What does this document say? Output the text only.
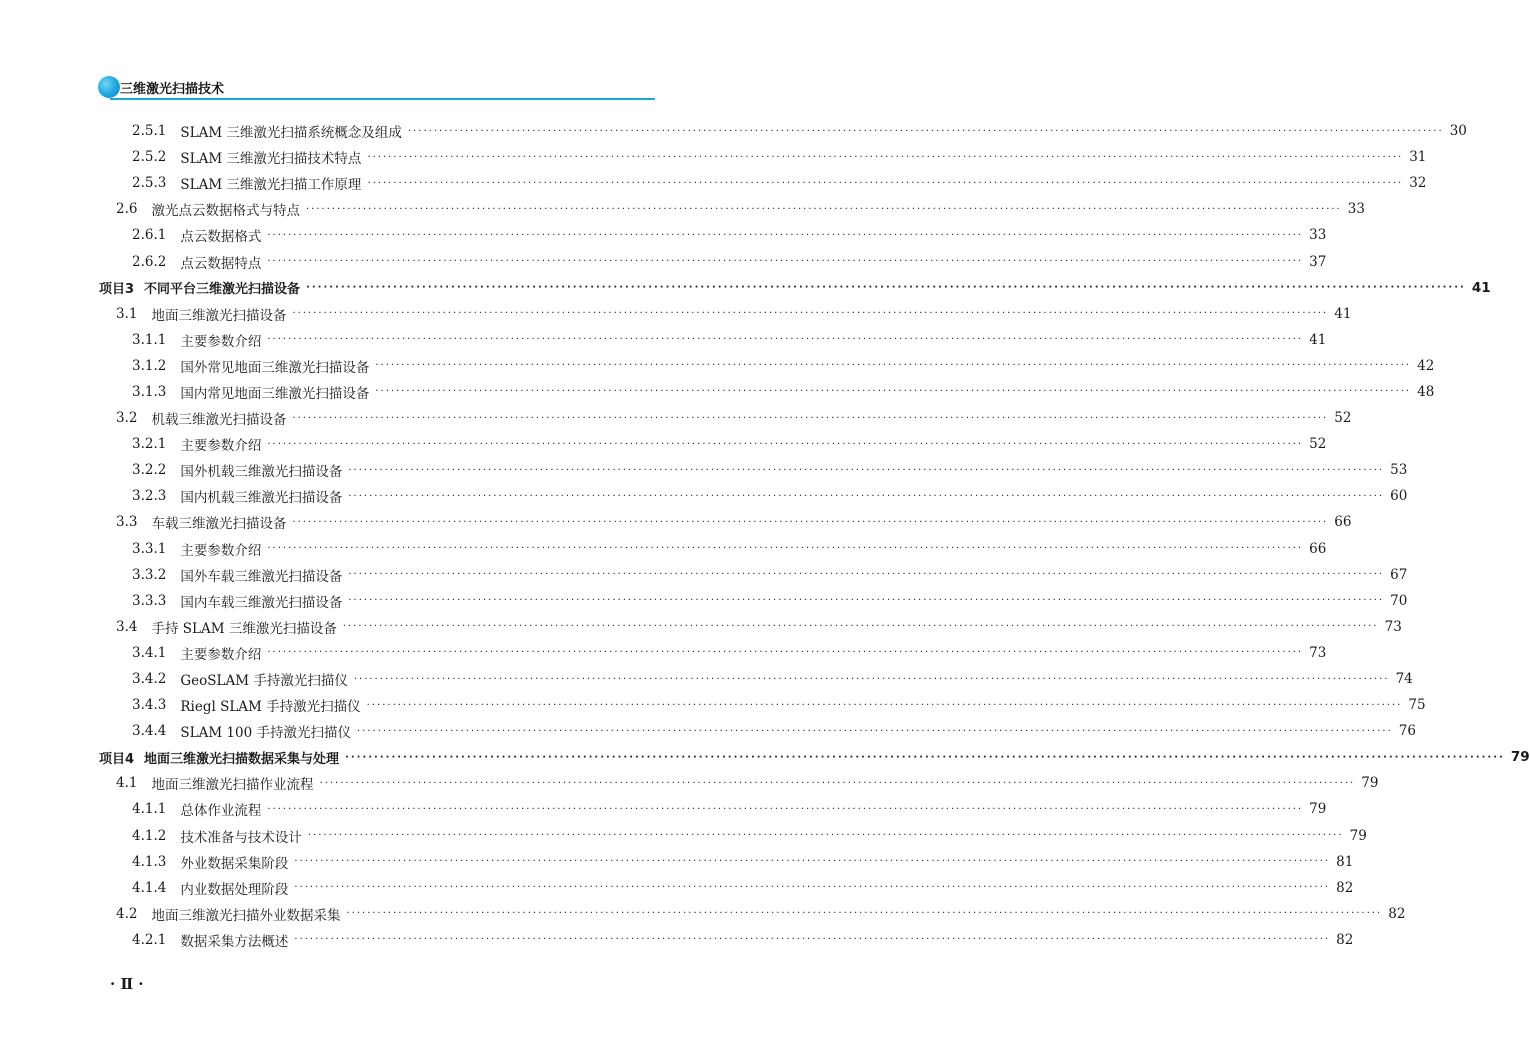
三维激光扫描技术
2.5.1 SLAM 三维激光扫描系统概念及组成 ········································································································································································································ 30
2.5.2 SLAM 三维激光扫描技术特点 ········································································································································································································ 31
2.5.3 SLAM 三维激光扫描工作原理 ········································································································································································································ 32
2.6 激光点云数据格式与特点 ········································································································································································································ 33
2.6.1 点云数据格式 ········································································································································································································ 33
2.6.2 点云数据特点 ········································································································································································································ 37
项目3 不同平台三维激光扫描设备 ········································································································································································································ 41
3.1 地面三维激光扫描设备 ········································································································································································································ 41
3.1.1 主要参数介绍 ········································································································································································································ 41
3.1.2 国外常见地面三维激光扫描设备 ········································································································································································································ 42
3.1.3 国内常见地面三维激光扫描设备 ········································································································································································································ 48
3.2 机载三维激光扫描设备 ········································································································································································································ 52
3.2.1 主要参数介绍 ········································································································································································································ 52
3.2.2 国外机载三维激光扫描设备 ········································································································································································································ 53
3.2.3 国内机载三维激光扫描设备 ········································································································································································································ 60
3.3 车载三维激光扫描设备 ········································································································································································································ 66
3.3.1 主要参数介绍 ········································································································································································································ 66
3.3.2 国外车载三维激光扫描设备 ········································································································································································································ 67
3.3.3 国内车载三维激光扫描设备 ········································································································································································································ 70
3.4 手持 SLAM 三维激光扫描设备 ········································································································································································································ 73
3.4.1 主要参数介绍 ········································································································································································································ 73
3.4.2 GeoSLAM 手持激光扫描仪 ········································································································································································································ 74
3.4.3 Riegl SLAM 手持激光扫描仪 ········································································································································································································ 75
3.4.4 SLAM 100 手持激光扫描仪 ········································································································································································································ 76
项目4 地面三维激光扫描数据采集与处理 ········································································································································································································ 79
4.1 地面三维激光扫描作业流程 ········································································································································································································ 79
4.1.1 总体作业流程 ········································································································································································································ 79
4.1.2 技术准备与技术设计 ········································································································································································································ 79
4.1.3 外业数据采集阶段 ········································································································································································································ 81
4.1.4 内业数据处理阶段 ········································································································································································································ 82
4.2 地面三维激光扫描外业数据采集 ········································································································································································································ 82
4.2.1 数据采集方法概述 ········································································································································································································ 82
· Ⅱ ·
